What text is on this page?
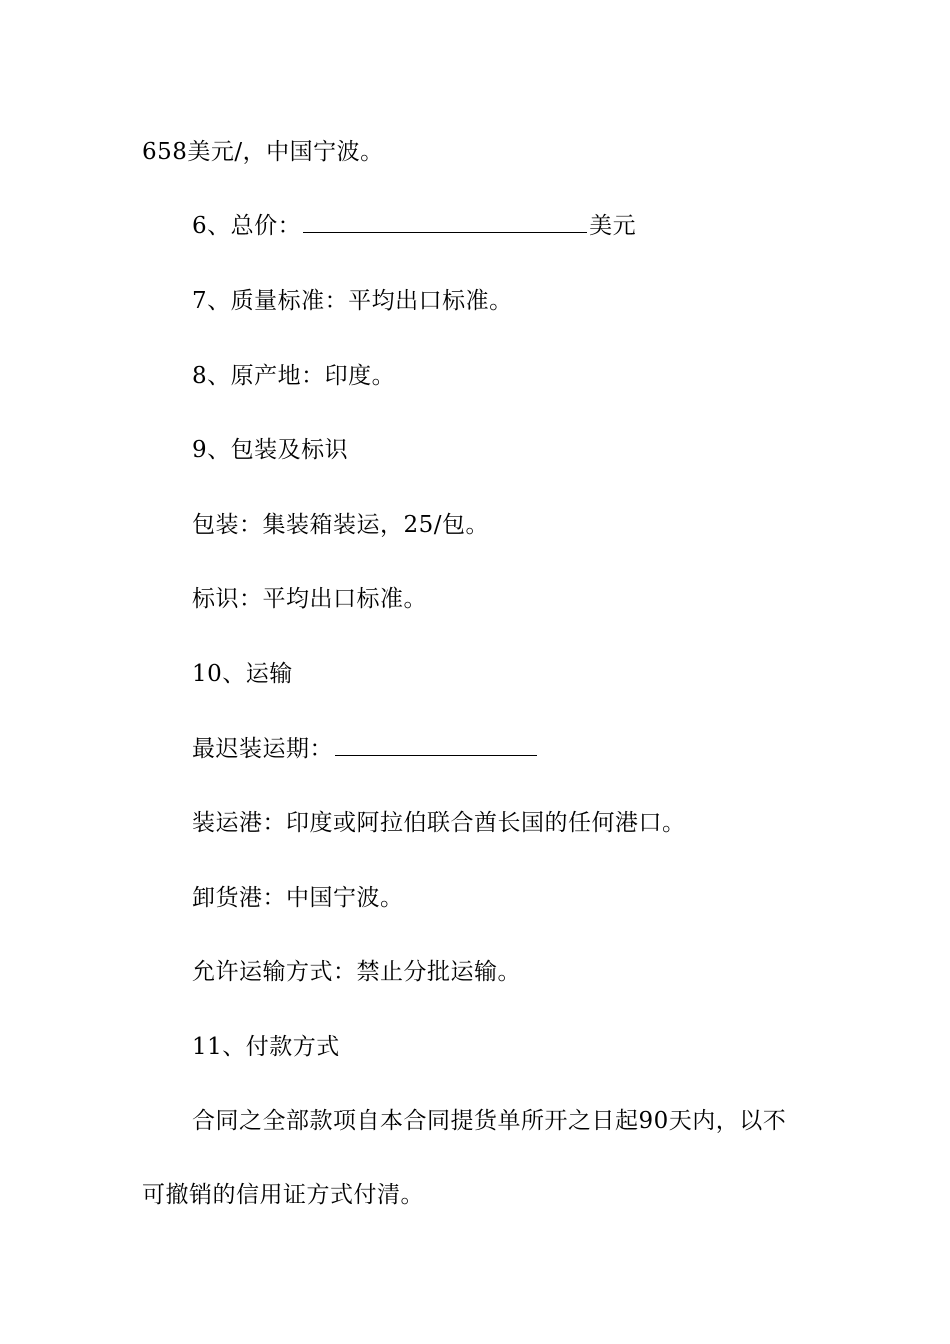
658美元/，中国宁波。
6、总价：	美元
7、质量标准：平均出口标准。
8、原产地：印度。
9、包装及标识
包装：集装箱装运，25/包。
标识：平均出口标准。
10、运输
最迟装运期：
装运港：印度或阿拉伯联合酋长国的任何港口。
卸货港：中国宁波。
允许运输方式：禁止分批运输。
11、付款方式
合同之全部款项自本合同提货单所开之日起90天内，以不
可撤销的信用证方式付清。
